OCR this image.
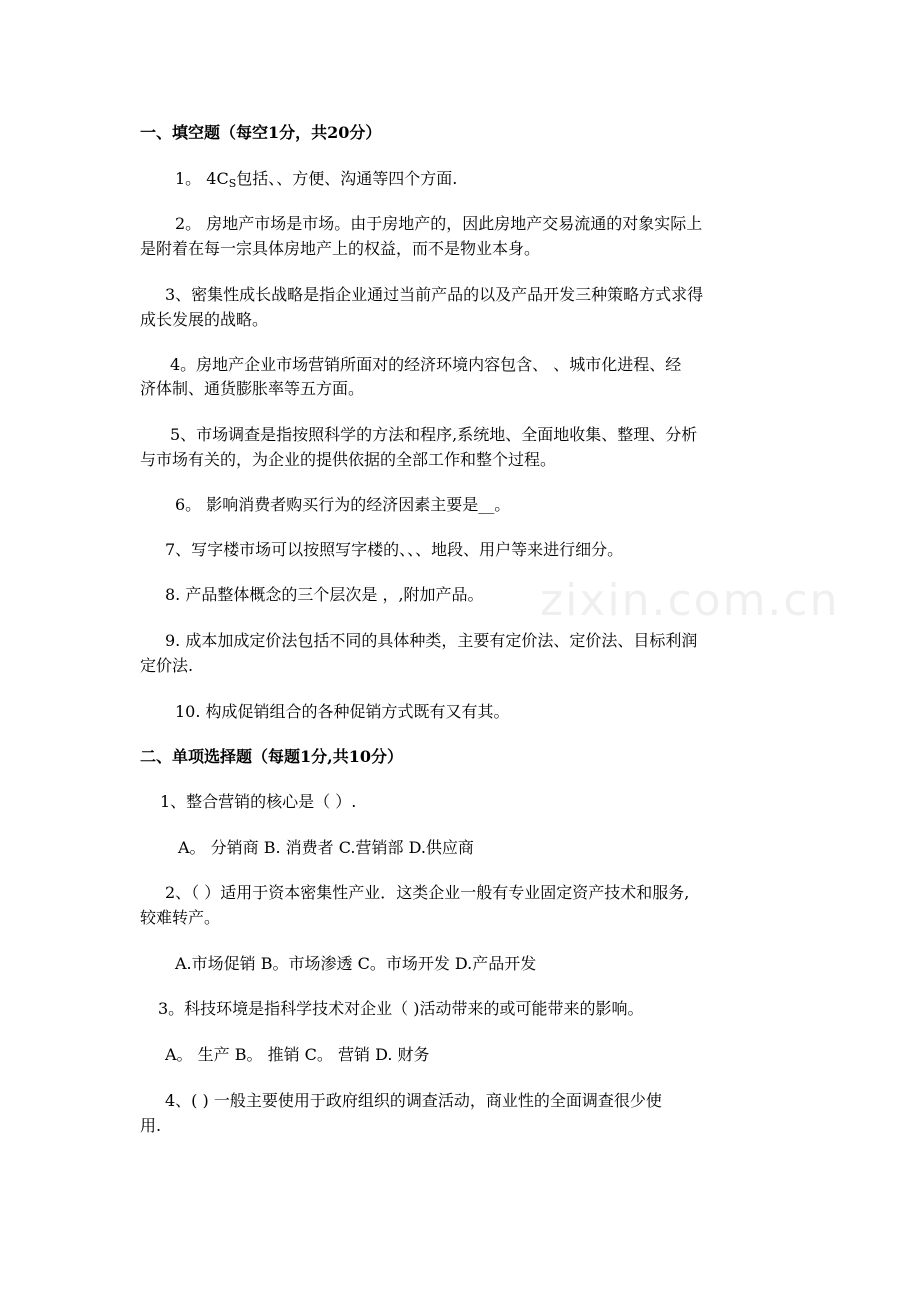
zixin.com.cn
一、填空题（每空1分，共20分）
1。 $4C_S$包括、、方便、沟通等四个方面.
2。 房地产市场是市场。由于房地产的，因此房地产交易流通的对象实际上
是附着在每一宗具体房地产上的权益，而不是物业本身。
3、密集性成长战略是指企业通过当前产品的以及产品开发三种策略方式求得
成长发展的战略。
4。房地产企业市场营销所面对的经济环境内容包含、 、城市化进程、经
济体制、通货膨胀率等五方面。
5、市场调查是指按照科学的方法和程序,系统地、全面地收集、整理、分析
与市场有关的，为企业的提供依据的全部工作和整个过程。
6。 影响消费者购买行为的经济因素主要是__。
7、写字楼市场可以按照写字楼的、、、地段、用户等来进行细分。
8. 产品整体概念的三个层次是 ，,附加产品。
9. 成本加成定价法包括不同的具体种类，主要有定价法、定价法、目标利润
定价法.
10. 构成促销组合的各种促销方式既有又有其。
二、单项选择题（每题1分,共10分）
1、整合营销的核心是（ ）.
A。 分销商 B. 消费者 C.营销部 D.供应商
2、（ ）适用于资本密集性产业．这类企业一般有专业固定资产技术和服务,
较难转产。
A.市场促销 B。市场渗透 C。市场开发 D.产品开发
3。科技环境是指科学技术对企业（ )活动带来的或可能带来的影响。
A。 生产 B。 推销 C。 营销 D. 财务
4、( ) 一般主要使用于政府组织的调查活动，商业性的全面调查很少使
用.
